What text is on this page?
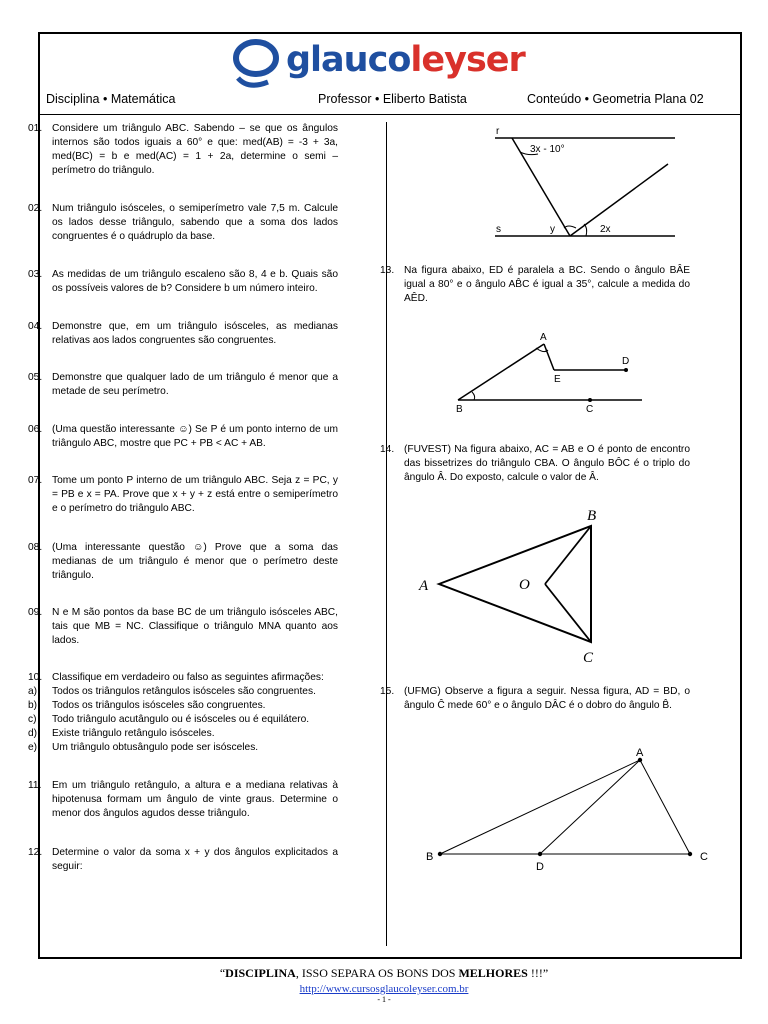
glaucoleyser
Disciplina • Matemática	Professor • Eliberto Batista	Conteúdo • Geometria Plana 02
01. Considere um triângulo ABC. Sabendo – se que os ângulos internos são todos iguais a 60° e que: med(AB) = -3 + 3a, med(BC) = b e med(AC) = 1 + 2a, determine o semi – perímetro do triângulo.
02. Num triângulo isósceles, o semiperímetro vale 7,5 m. Calcule os lados desse triângulo, sabendo que a soma dos lados congruentes é o quádruplo da base.
03. As medidas de um triângulo escaleno são 8, 4 e b. Quais são os possíveis valores de b? Considere b um número inteiro.
04. Demonstre que, em um triângulo isósceles, as medianas relativas aos lados congruentes são congruentes.
05. Demonstre que qualquer lado de um triângulo é menor que a metade de seu perímetro.
06. (Uma questão interessante ☺) Se P é um ponto interno de um triângulo ABC, mostre que PC + PB < AC + AB.
07. Tome um ponto P interno de um triângulo ABC. Seja z = PC, y = PB e x = PA. Prove que x + y + z está entre o semiperímetro e o perímetro do triângulo ABC.
08. (Uma interessante questão ☺) Prove que a soma das medianas de um triângulo é menor que o perímetro deste triângulo.
09. N e M são pontos da base BC de um triângulo isósceles ABC, tais que MB = NC. Classifique o triângulo MNA quanto aos lados.
10. Classifique em verdadeiro ou falso as seguintes afirmações:
a)	Todos os triângulos retângulos isósceles são congruentes.
b)	Todos os triângulos isósceles são congruentes.
c)	Todo triângulo acutângulo ou é isósceles ou é equilátero.
d)	Existe triângulo retângulo isósceles.
e)	Um triângulo obtusângulo pode ser isósceles.
11.	Em um triângulo retângulo, a altura e a mediana relativas à hipotenusa formam um ângulo de vinte graus. Determine o menor dos ângulos agudos desse triângulo.
12. Determine o valor da soma x + y dos ângulos explicitados a seguir:
r
s
3x - 10°
y	2x
13. Na figura abaixo, ED é paralela a BC. Sendo o ângulo BÂE igual a 80° e o ângulo AB̂C é igual a 35°, calcule a medida do AÊD.
A
D
E
B	C
14. (FUVEST) Na figura abaixo, AC = AB e O é ponto de encontro das bissetrizes do triângulo CBA. O ângulo BÔC é o triplo do ângulo Â. Do exposto, calcule o valor de Â.
A
B
C
O
15. (UFMG) Observe a figura a seguir. Nessa figura, AD = BD, o ângulo Ĉ mede 60° e o ângulo DÂC é o dobro do ângulo B̂.
A
B	C
D
“DISCIPLINA, ISSO SEPARA OS BONS DOS MELHORES !!!”
http://www.cursosglaucoleyser.com.br
- 1 -
